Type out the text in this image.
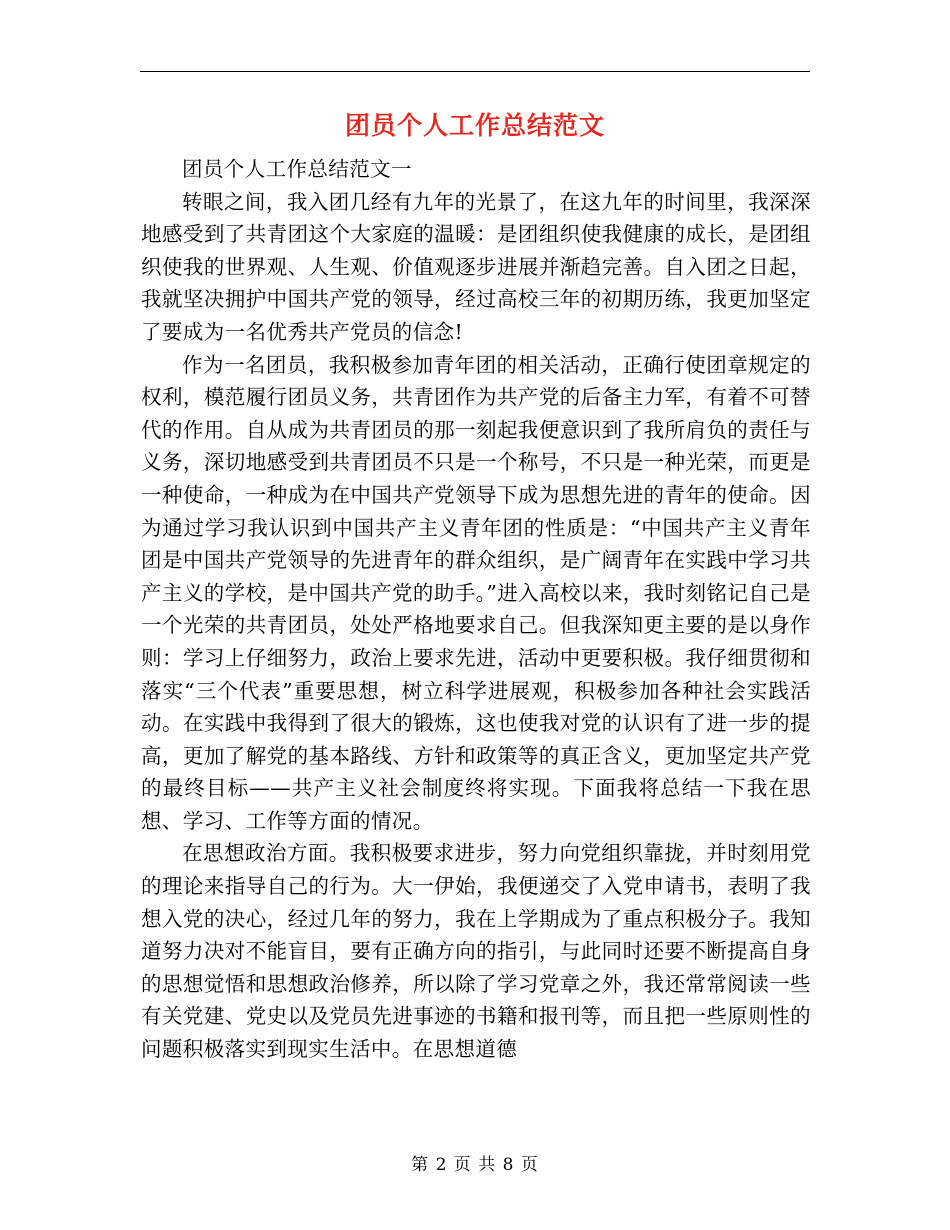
团员个人工作总结范文

团员个人工作总结范文一

转眼之间，我入团几经有九年的光景了，在这九年的时间里，我深深地感受到了共青团这个大家庭的温暖：是团组织使我健康的成长，是团组织使我的世界观、人生观、价值观逐步进展并渐趋完善。自入团之日起，我就坚决拥护中国共产党的领导，经过高校三年的初期历练，我更加坚定了要成为一名优秀共产党员的信念!

作为一名团员，我积极参加青年团的相关活动，正确行使团章规定的权利，模范履行团员义务，共青团作为共产党的后备主力军，有着不可替代的作用。自从成为共青团员的那一刻起我便意识到了我所肩负的责任与义务，深切地感受到共青团员不只是一个称号，不只是一种光荣，而更是一种使命，一种成为在中国共产党领导下成为思想先进的青年的使命。因为通过学习我认识到中国共产主义青年团的性质是：“中国共产主义青年团是中国共产党领导的先进青年的群众组织，是广阔青年在实践中学习共产主义的学校，是中国共产党的助手。”进入高校以来，我时刻铭记自己是一个光荣的共青团员，处处严格地要求自己。但我深知更主要的是以身作则：学习上仔细努力，政治上要求先进，活动中更要积极。我仔细贯彻和落实“三个代表”重要思想，树立科学进展观，积极参加各种社会实践活动。在实践中我得到了很大的锻炼，这也使我对党的认识有了进一步的提高，更加了解党的基本路线、方针和政策等的真正含义，更加坚定共产党的最终目标——共产主义社会制度终将实现。下面我将总结一下我在思想、学习、工作等方面的情况。

在思想政治方面。我积极要求进步，努力向党组织靠拢，并时刻用党的理论来指导自己的行为。大一伊始，我便递交了入党申请书，表明了我想入党的决心，经过几年的努力，我在上学期成为了重点积极分子。我知道努力决对不能盲目，要有正确方向的指引，与此同时还要不断提高自身的思想觉悟和思想政治修养，所以除了学习党章之外，我还常常阅读一些有关党建、党史以及党员先进事迹的书籍和报刊等，而且把一些原则性的问题积极落实到现实生活中。在思想道德

第 2 页 共 8 页
